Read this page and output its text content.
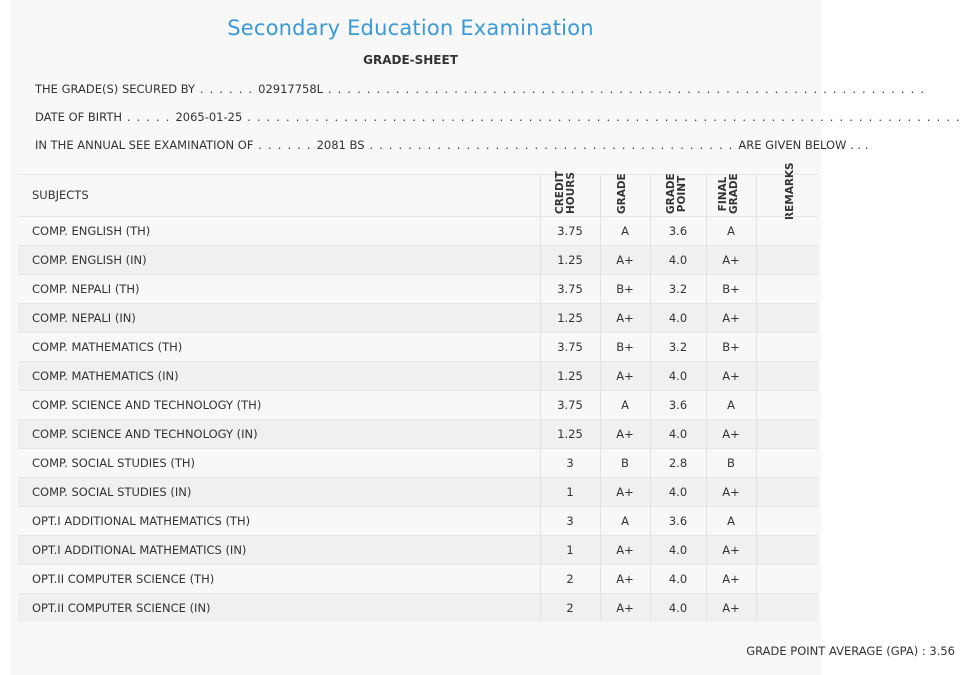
Secondary Education Examination
GRADE-SHEET
THE GRADE(S) SECURED BY . . . . . . 02917758L . . . . . . . . . . . . . . . . . . . . . . . . . . . . . . . . . . . . . . . . . . . . . . . . . . . . . . . . . . . . . .
DATE OF BIRTH . . . . . 2065-01-25 . . . . . . . . . . . . . . . . . . . . . . . . . . . . . . . . . . . . . . . . . . . . . . . . . . . . . . . . . . . . . . . . . . . . . . . . . .
IN THE ANNUAL SEE EXAMINATION OF . . . . . . 2081 BS . . . . . . . . . . . . . . . . . . . . . . . . . . . . . . . . . . . . . . ARE GIVEN BELOW . . .
SUBJECTS	CREDIT HOURS	GRADE	GRADE POINT	FINAL GRADE	REMARKS
COMP. ENGLISH (TH)	3.75	A	3.6	A
COMP. ENGLISH (IN)	1.25	A+	4.0	A+
COMP. NEPALI (TH)	3.75	B+	3.2	B+
COMP. NEPALI (IN)	1.25	A+	4.0	A+
COMP. MATHEMATICS (TH)	3.75	B+	3.2	B+
COMP. MATHEMATICS (IN)	1.25	A+	4.0	A+
COMP. SCIENCE AND TECHNOLOGY (TH)	3.75	A	3.6	A
COMP. SCIENCE AND TECHNOLOGY (IN)	1.25	A+	4.0	A+
COMP. SOCIAL STUDIES (TH)	3	B	2.8	B
COMP. SOCIAL STUDIES (IN)	1	A+	4.0	A+
OPT.I ADDITIONAL MATHEMATICS (TH)	3	A	3.6	A
OPT.I ADDITIONAL MATHEMATICS (IN)	1	A+	4.0	A+
OPT.II COMPUTER SCIENCE (TH)	2	A+	4.0	A+
OPT.II COMPUTER SCIENCE (IN)	2	A+	4.0	A+
GRADE POINT AVERAGE (GPA) : 3.56
